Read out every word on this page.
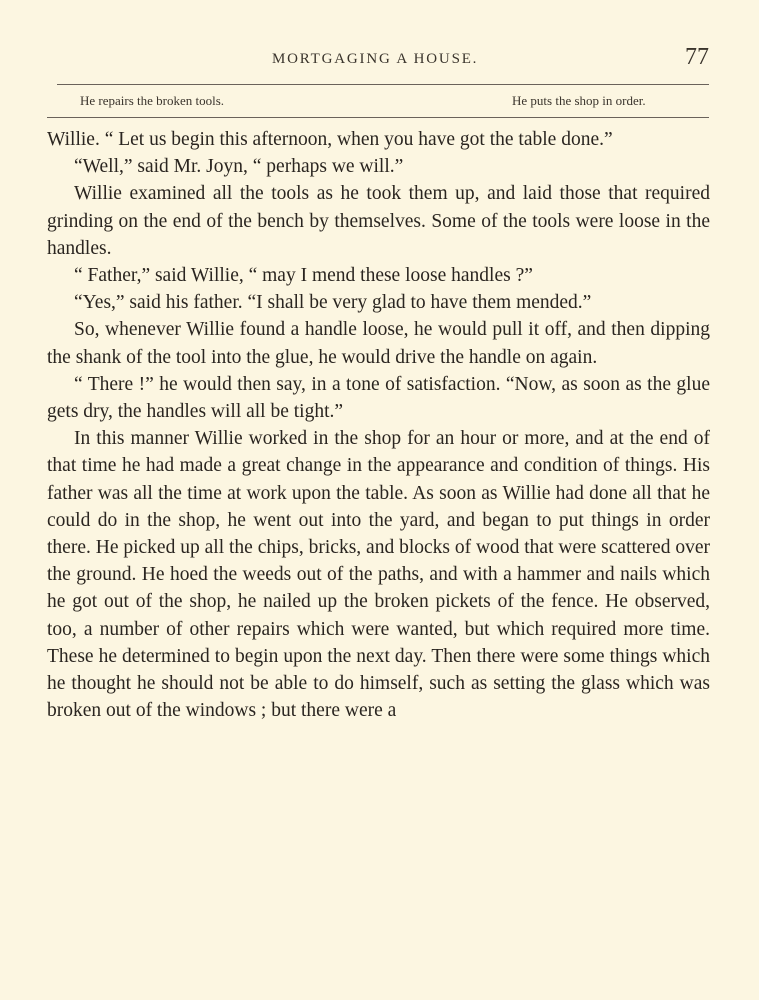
MORTGAGING A HOUSE.	77
He repairs the broken tools.	He puts the shop in order.

Willie. “ Let us begin this afternoon, when you have got the table done.”

“Well,” said Mr. Joyn, “ perhaps we will.”

Willie examined all the tools as he took them up, and laid those that required grinding on the end of the bench by themselves. Some of the tools were loose in the handles.

“ Father,” said Willie, “ may I mend these loose handles ?”

“Yes,” said his father. “I shall be very glad to have them mended.”

So, whenever Willie found a handle loose, he would pull it off, and then dipping the shank of the tool into the glue, he would drive the handle on again.

“ There !” he would then say, in a tone of satisfaction. “Now, as soon as the glue gets dry, the handles will all be tight.”

In this manner Willie worked in the shop for an hour or more, and at the end of that time he had made a great change in the appearance and condition of things. His father was all the time at work upon the table. As soon as Willie had done all that he could do in the shop, he went out into the yard, and began to put things in order there. He picked up all the chips, bricks, and blocks of wood that were scattered over the ground. He hoed the weeds out of the paths, and with a hammer and nails which he got out of the shop, he nailed up the broken pickets of the fence. He observed, too, a number of other repairs which were wanted, but which required more time. These he determined to begin upon the next day. Then there were some things which he thought he should not be able to do himself, such as setting the glass which was broken out of the windows ; but there were a
